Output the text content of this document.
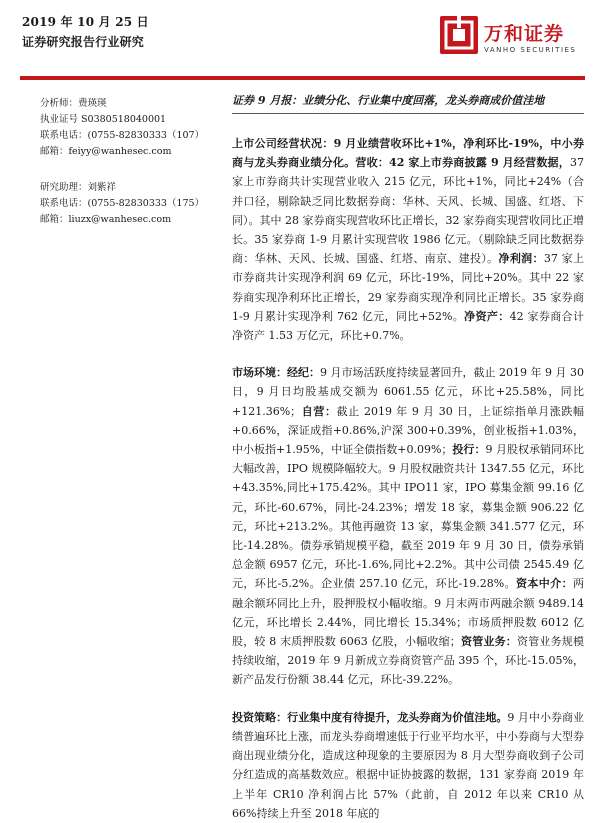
2019 年 10 月 25 日
证券研究报告行业研究	万和证券
VANHO SECURITIES
分析师：费瑛瑛
执业证号 S0380518040001
联系电话：(0755-82830333（107）
邮箱：feiyy@wanhesec.com
研究助理：刘紫祥
联系电话：(0755-82830333（175）
邮箱：liuzx@wanhesec.com
证券 9 月报：业绩分化、行业集中度回落，龙头券商成价值洼地
上市公司经营状况：9 月业绩营收环比+1%，净利环比-19%，中小券商与龙头券商业绩分化。营收：42 家上市券商披露 9 月经营数据，37 家上市券商共计实现营业收入 215 亿元，环比+1%，同比+24%（合并口径，剔除缺乏同比数据券商：华林、天风、长城、国盛、红塔、下同）。其中 28 家券商实现营收环比正增长，32 家券商实现营收同比正增长。35 家券商 1-9 月累计实现营收 1986 亿元。（剔除缺乏同比数据券商：华林、天风、长城、国盛、红塔、南京、建投）。净利润：37 家上市券商共计实现净利润 69 亿元，环比-19%，同比+20%。其中 22 家券商实现净利环比正增长，29 家券商实现净利同比正增长。35 家券商 1-9 月累计实现净利 762 亿元，同比+52%。净资产：42 家券商合计净资产 1.53 万亿元，环比+0.7%。
市场环境：经纪：9 月市场活跃度持续显著回升，截止 2019 年 9 月 30 日，9 月日均股基成交额为 6061.55 亿元，环比+25.58%，同比+121.36%；自营：截止 2019 年 9 月 30 日，上证综指单月涨跌幅+0.66%，深证成指+0.86%,沪深 300+0.39%，创业板指+1.03%，中小板指+1.95%，中证全债指数+0.09%；投行：9 月股权承销同环比大幅改善，IPO 规模降幅较大。9 月股权融资共计 1347.55 亿元，环比+43.35%,同比+175.42%。其中 IPO11 家，IPO 募集金额 99.16 亿元，环比-60.67%，同比-24.23%；增发 18 家，募集金额 906.22 亿元，环比+213.2%。其他再融资 13 家，募集金额 341.577 亿元，环比-14.28%。债券承销规模平稳，截至 2019 年 9 月 30 日，债券承销总金额 6957 亿元，环比-1.6%,同比+2.2%。其中公司债 2545.49 亿元，环比-5.2%。企业债 257.10 亿元，环比-19.28%。资本中介：两融余额环同比上升，股押股权小幅收缩。9 月末两市两融余额 9489.14 亿元，环比增长 2.44%，同比增长 15.34%；市场质押股数 6012 亿股，较 8 末质押股数 6063 亿股，小幅收缩；资管业务：资管业务规模持续收缩，2019 年 9 月新成立券商资管产品 395 个，环比-15.05%，新产品发行份额 38.44 亿元，环比-39.22%。
投资策略：行业集中度有待提升，龙头券商为价值洼地。9 月中小券商业绩普遍环比上涨，而龙头券商增速低于行业平均水平，中小券商与大型券商出现业绩分化，造成这种现象的主要原因为 8 月大型券商收到子公司分红造成的高基数效应。根据中证协披露的数据，131 家券商 2019 年上半年 CR10 净利润占比 57%（此前，自 2012 年以来 CR10 从 66%持续上升至 2018 年底的
